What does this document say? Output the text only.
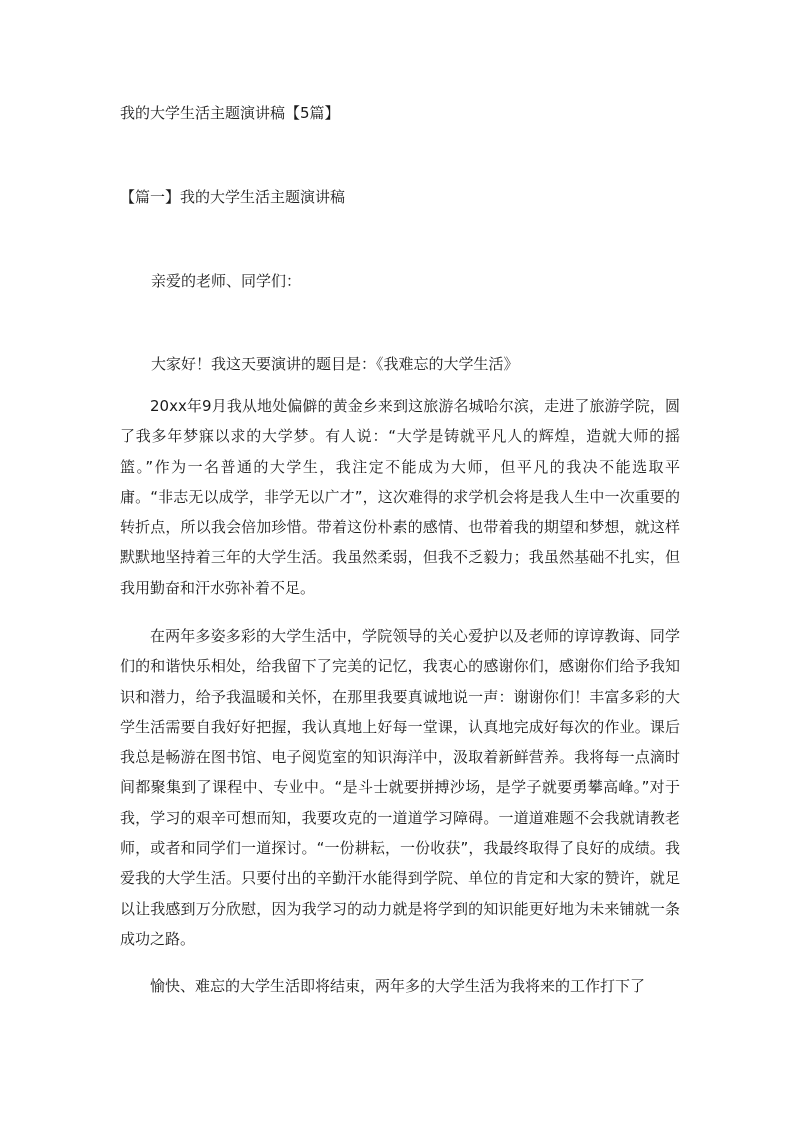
我的大学生活主题演讲稿【5篇】
【篇一】我的大学生活主题演讲稿
亲爱的老师、同学们：
大家好！我这天要演讲的题目是：《我难忘的大学生活》

20xx年9月我从地处偏僻的黄金乡来到这旅游名城哈尔滨，走进了旅游学院，圆了我多年梦寐以求的大学梦。有人说：“大学是铸就平凡人的辉煌，造就大师的摇篮。”作为一名普通的大学生，我注定不能成为大师，但平凡的我决不能选取平庸。“非志无以成学，非学无以广才”，这次难得的求学机会将是我人生中一次重要的转折点，所以我会倍加珍惜。带着这份朴素的感情、也带着我的期望和梦想，就这样默默地坚持着三年的大学生活。我虽然柔弱，但我不乏毅力；我虽然基础不扎实，但我用勤奋和汗水弥补着不足。

在两年多姿多彩的大学生活中，学院领导的关心爱护以及老师的谆谆教诲、同学们的和谐快乐相处，给我留下了完美的记忆，我衷心的感谢你们，感谢你们给予我知识和潜力，给予我温暖和关怀，在那里我要真诚地说一声：谢谢你们！丰富多彩的大学生活需要自我好好把握，我认真地上好每一堂课，认真地完成好每次的作业。课后我总是畅游在图书馆、电子阅览室的知识海洋中，汲取着新鲜营养。我将每一点滴时间都聚集到了课程中、专业中。“是斗士就要拼搏沙场，是学子就要勇攀高峰。”对于我，学习的艰辛可想而知，我要攻克的一道道学习障碍。一道道难题不会我就请教老师，或者和同学们一道探讨。“一份耕耘，一份收获”，我最终取得了良好的成绩。我爱我的大学生活。只要付出的辛勤汗水能得到学院、单位的肯定和大家的赞许，就足以让我感到万分欣慰，因为我学习的动力就是将学到的知识能更好地为未来铺就一条成功之路。

愉快、难忘的大学生活即将结束，两年多的大学生活为我将来的工作打下了
